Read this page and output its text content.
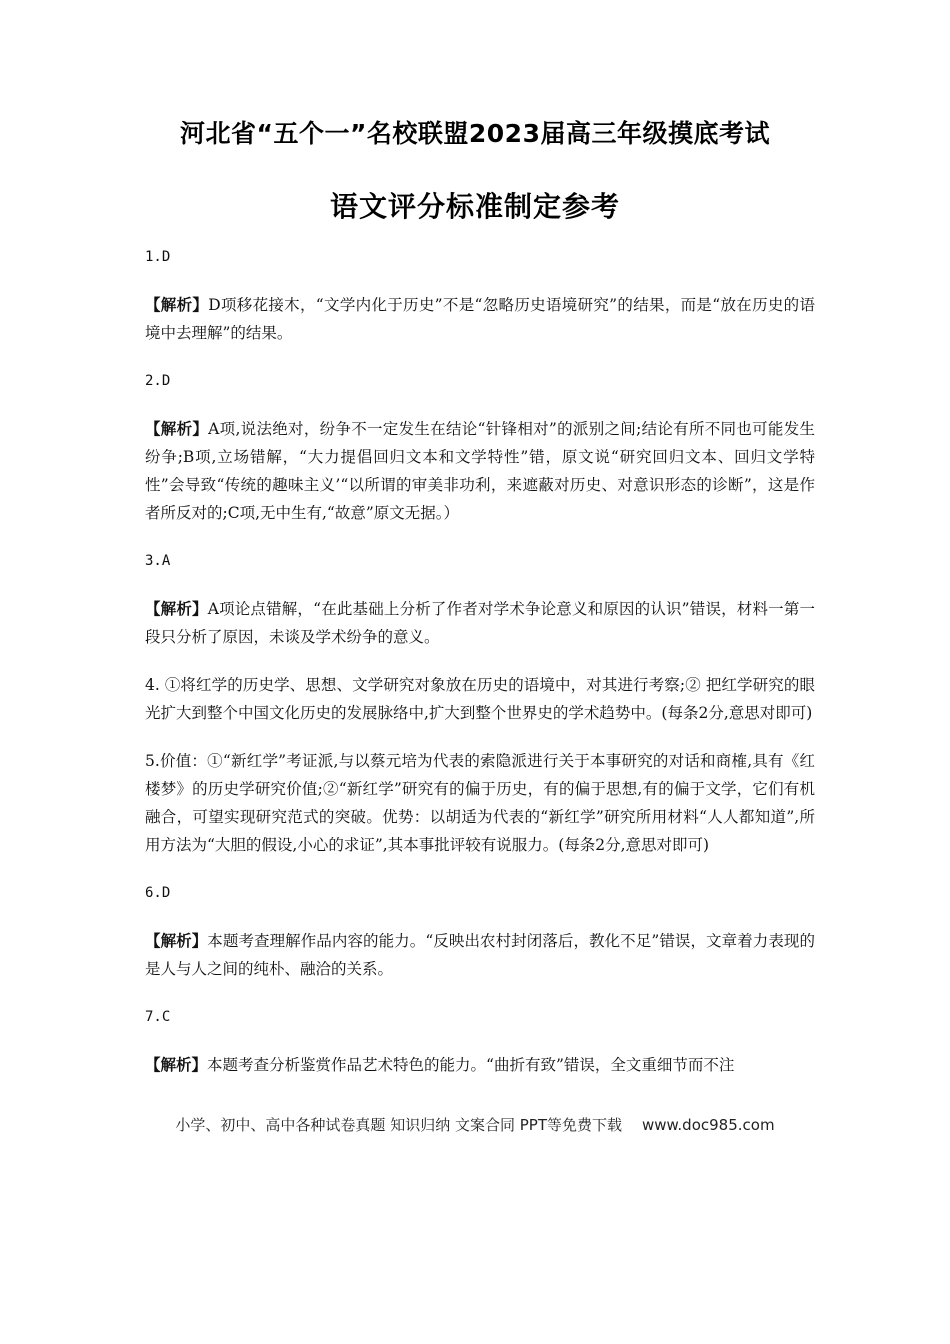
河北省“五个一”名校联盟2023届高三年级摸底考试
语文评分标准制定参考

1.D

【解析】D项移花接木，“文学内化于历史”不是“忽略历史语境研究”的结果，而是“放在历史的语境中去理解”的结果。

2.D

【解析】A项,说法绝对，纷争不一定发生在结论“针锋相对”的派别之间;结论有所不同也可能发生纷争;B项,立场错解，“大力提倡回归文本和文学特性”错，原文说“研究回归文本、回归文学特性”会导致“传统的趣味主义’“以所谓的审美非功利，来遮蔽对历史、对意识形态的诊断”，这是作者所反对的;C项,无中生有,“故意”原文无据。）

3.A

【解析】A项论点错解，“在此基础上分析了作者对学术争论意义和原因的认识”错误，材料一第一段只分析了原因，未谈及学术纷争的意义。

4. ①将红学的历史学、思想、文学研究对象放在历史的语境中，对其进行考察;② 把红学研究的眼光扩大到整个中国文化历史的发展脉络中,扩大到整个世界史的学术趋势中。(每条2分,意思对即可)

5.价值：①“新红学”考证派,与以蔡元培为代表的索隐派进行关于本事研究的对话和商榷,具有《红楼梦》的历史学研究价值;②“新红学”研究有的偏于历史，有的偏于思想,有的偏于文学，它们有机融合，可望实现研究范式的突破。优势：以胡适为代表的“新红学”研究所用材料“人人都知道”,所用方法为“大胆的假设,小心的求证”,其本事批评较有说服力。(每条2分,意思对即可)

6.D

【解析】本题考查理解作品内容的能力。“反映出农村封闭落后，教化不足”错误，文章着力表现的是人与人之间的纯朴、融洽的关系。

7.C

【解析】本题考查分析鉴赏作品艺术特色的能力。“曲折有致”错误，全文重细节而不注

小学、初中、高中各种试卷真题 知识归纳 文案合同 PPT等免费下载 www.doc985.com
